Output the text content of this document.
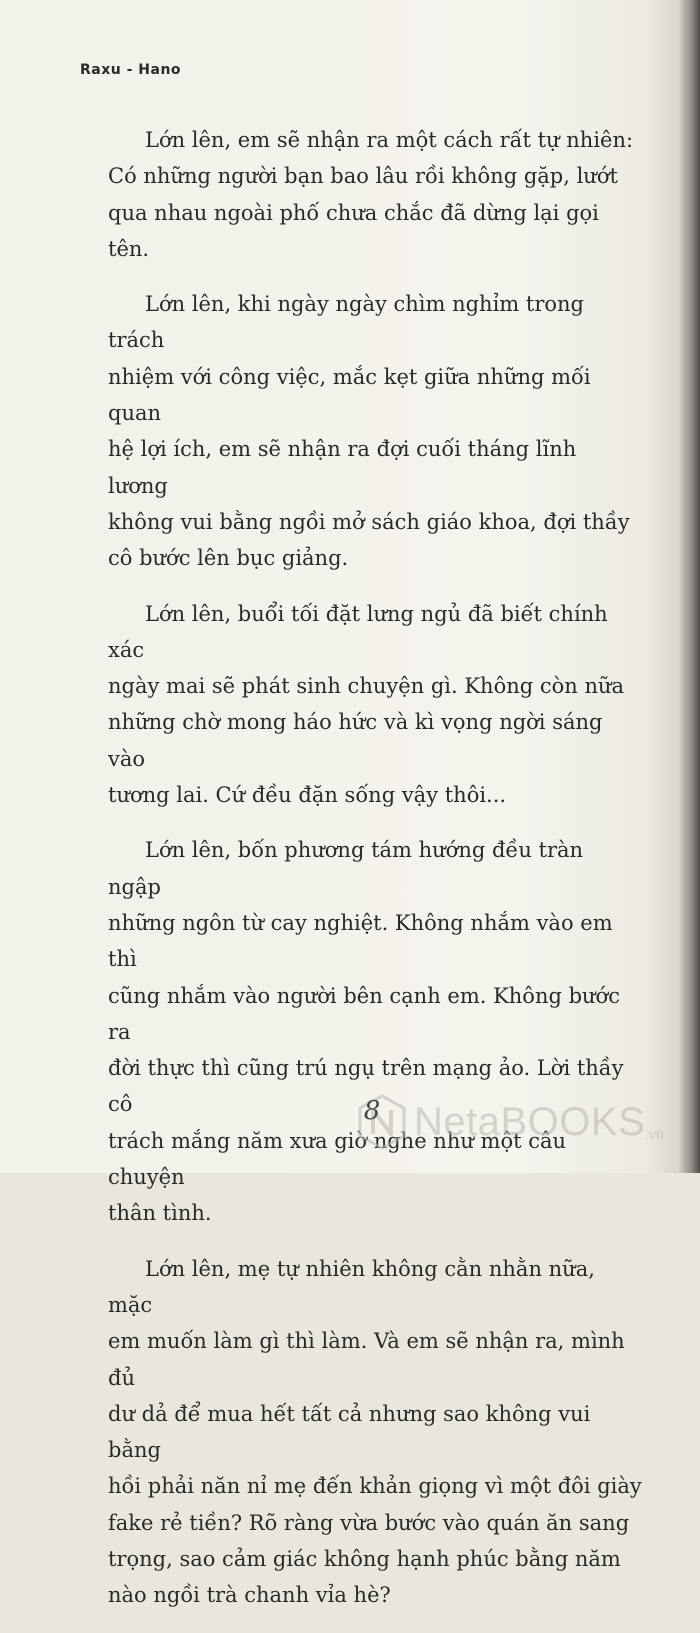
Raxu - Hano

Lớn lên, em sẽ nhận ra một cách rất tự nhiên:
Có những người bạn bao lâu rồi không gặp, lướt
qua nhau ngoài phố chưa chắc đã dừng lại gọi tên.

Lớn lên, khi ngày ngày chìm nghỉm trong trách
nhiệm với công việc, mắc kẹt giữa những mối quan
hệ lợi ích, em sẽ nhận ra đợi cuối tháng lĩnh lương
không vui bằng ngồi mở sách giáo khoa, đợi thầy
cô bước lên bục giảng.

Lớn lên, buổi tối đặt lưng ngủ đã biết chính xác
ngày mai sẽ phát sinh chuyện gì. Không còn nữa
những chờ mong háo hức và kì vọng ngời sáng vào
tương lai. Cứ đều đặn sống vậy thôi...

Lớn lên, bốn phương tám hướng đều tràn ngập
những ngôn từ cay nghiệt. Không nhắm vào em thì
cũng nhắm vào người bên cạnh em. Không bước ra
đời thực thì cũng trú ngụ trên mạng ảo. Lời thầy cô
trách mắng năm xưa giờ nghe như một câu chuyện
thân tình.

Lớn lên, mẹ tự nhiên không cằn nhằn nữa, mặc
em muốn làm gì thì làm. Và em sẽ nhận ra, mình đủ
dư dả để mua hết tất cả nhưng sao không vui bằng
hồi phải năn nỉ mẹ đến khản giọng vì một đôi giày
fake rẻ tiền? Rõ ràng vừa bước vào quán ăn sang
trọng, sao cảm giác không hạnh phúc bằng năm
nào ngồi trà chanh vỉa hè?

NetaBOOKS .vn
8
